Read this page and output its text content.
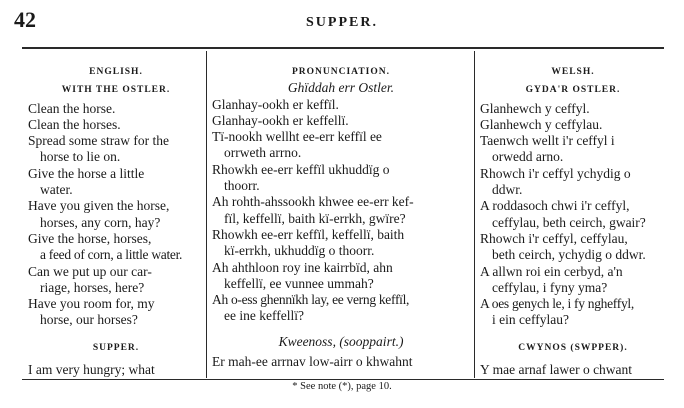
42	SUPPER.
ENGLISH.
WITH THE OSTLER.
Clean the horse.
Clean the horses.
Spread some straw for the
horse to lie on.
Give the horse a little
water.
Have you given the horse,
horses, any corn, hay?
Give the horse, horses,
a feed of corn, a little water.
Can we put up our car-
riage, horses, here?
Have you room for, my
horse, our horses?
SUPPER.
I am very hungry; what
PRONUNCIATION.
Ghïddah err Ostler.
Glanhay-ookh er keffïl.
Glanhay-ookh er keffellï.
Tï-nookh wellht ee-err keffïl ee
orrweth arrno.
Rhowkh ee-err keffïl ukhuddïg o
thoorr.
Ah rohth-ahssookh khwee ee-err kef-
fïl, keffellï, baith kï-errkh, gwïre?
Rhowkh ee-err keffïl, keffellï, baith
kï-errkh, ukhuddïg o thoorr.
Ah ahthloon roy ine kairrbïd, ahn
keffellï, ee vunnee ummah?
Ah o-ess ghennïkh lay, ee verng keffïl,
ee ine keffellï?
Kweenoss, (sooppairt.)
Er mah-ee arrnav low-airr o khwahnt
WELSH.
GYDA'R OSTLER.
Glanhewch y ceffyl.
Glanhewch y ceffylau.
Taenwch wellt i'r ceffyl i
orwedd arno.
Rhowch i'r ceffyl ychydig o
ddwr.
A roddasoch chwi i'r ceffyl,
ceffylau, beth ceirch, gwair?
Rhowch i'r ceffyl, ceffylau,
beth ceirch, ychydig o ddwr.
A allwn roi ein cerbyd, a'n
ceffylau, i fyny yma?
A oes genych le, i fy ngheffyl,
i ein ceffylau?
CWYNOS (SWPPER).
Y mae arnaf lawer o chwant
* See note (*), page 10.
